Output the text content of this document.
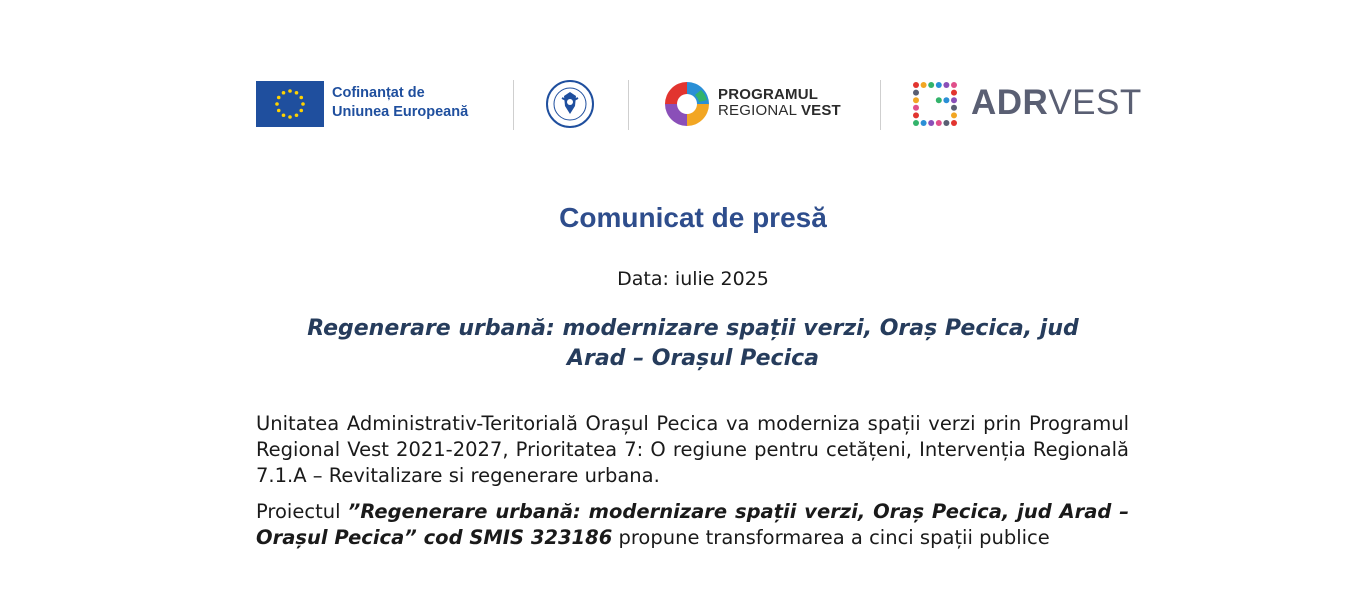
Cofinanțat de
Uniunea Europeană
PROGRAMUL
REGIONAL VEST	ADRVEST
Comunicat de presă
Data: iulie 2025
Regenerare urbană: modernizare spații verzi, Oraș Pecica, jud Arad – Orașul Pecica
Unitatea Administrativ-Teritorială Orașul Pecica va moderniza spații verzi prin Programul Regional Vest 2021-2027, Prioritatea 7: O regiune pentru cetățeni, Intervenția Regională 7.1.A – Revitalizare si regenerare urbana.
Proiectul ”Regenerare urbană: modernizare spații verzi, Oraș Pecica, jud Arad – Orașul Pecica” cod SMIS 323186 propune transformarea a cinci spații publice
